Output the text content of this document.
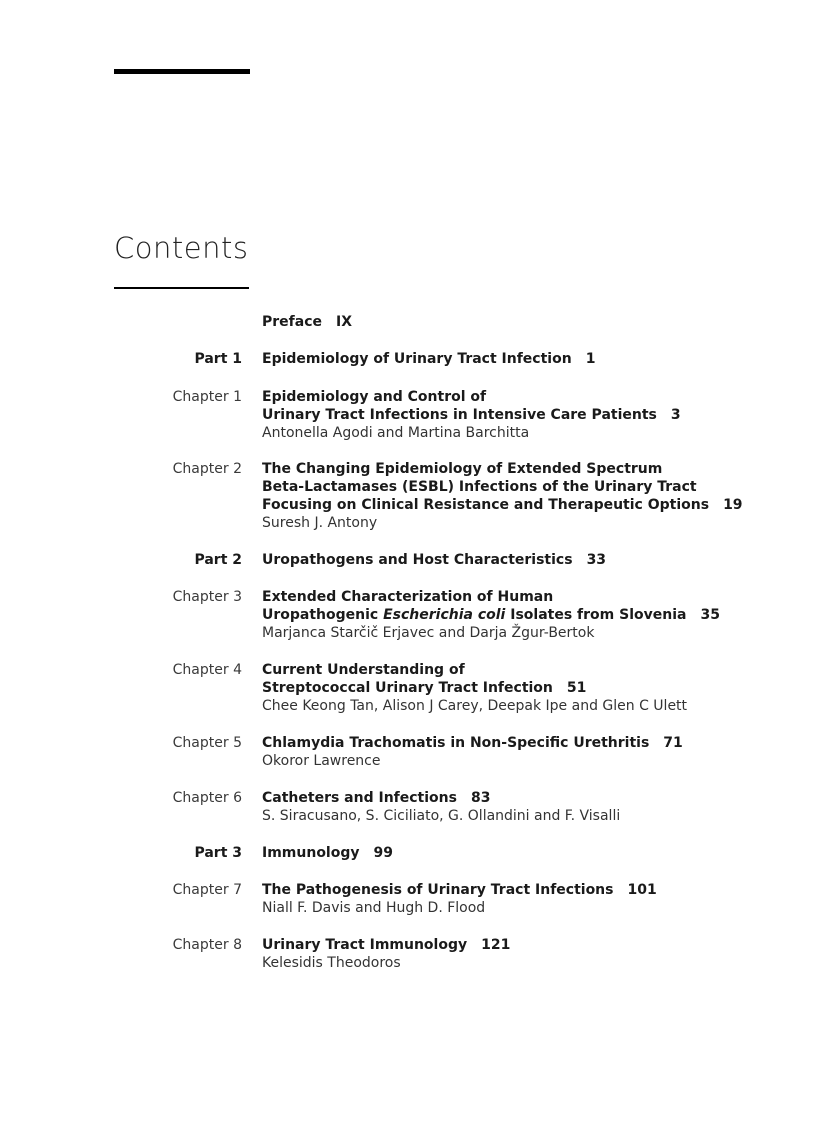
Contents
Preface IX
Part 1 Epidemiology of Urinary Tract Infection 1
Chapter 1 Epidemiology and Control of
Urinary Tract Infections in Intensive Care Patients 3
Antonella Agodi and Martina Barchitta
Chapter 2 The Changing Epidemiology of Extended Spectrum
Beta-Lactamases (ESBL) Infections of the Urinary Tract
Focusing on Clinical Resistance and Therapeutic Options 19
Suresh J. Antony
Part 2 Uropathogens and Host Characteristics 33
Chapter 3 Extended Characterization of Human
Uropathogenic Escherichia coli Isolates from Slovenia 35
Marjanca Starčič Erjavec and Darja Žgur-Bertok
Chapter 4 Current Understanding of
Streptococcal Urinary Tract Infection 51
Chee Keong Tan, Alison J Carey, Deepak Ipe and Glen C Ulett
Chapter 5 Chlamydia Trachomatis in Non-Specific Urethritis 71
Okoror Lawrence
Chapter 6 Catheters and Infections 83
S. Siracusano, S. Ciciliato, G. Ollandini and F. Visalli
Part 3 Immunology 99
Chapter 7 The Pathogenesis of Urinary Tract Infections 101
Niall F. Davis and Hugh D. Flood
Chapter 8 Urinary Tract Immunology 121
Kelesidis Theodoros
